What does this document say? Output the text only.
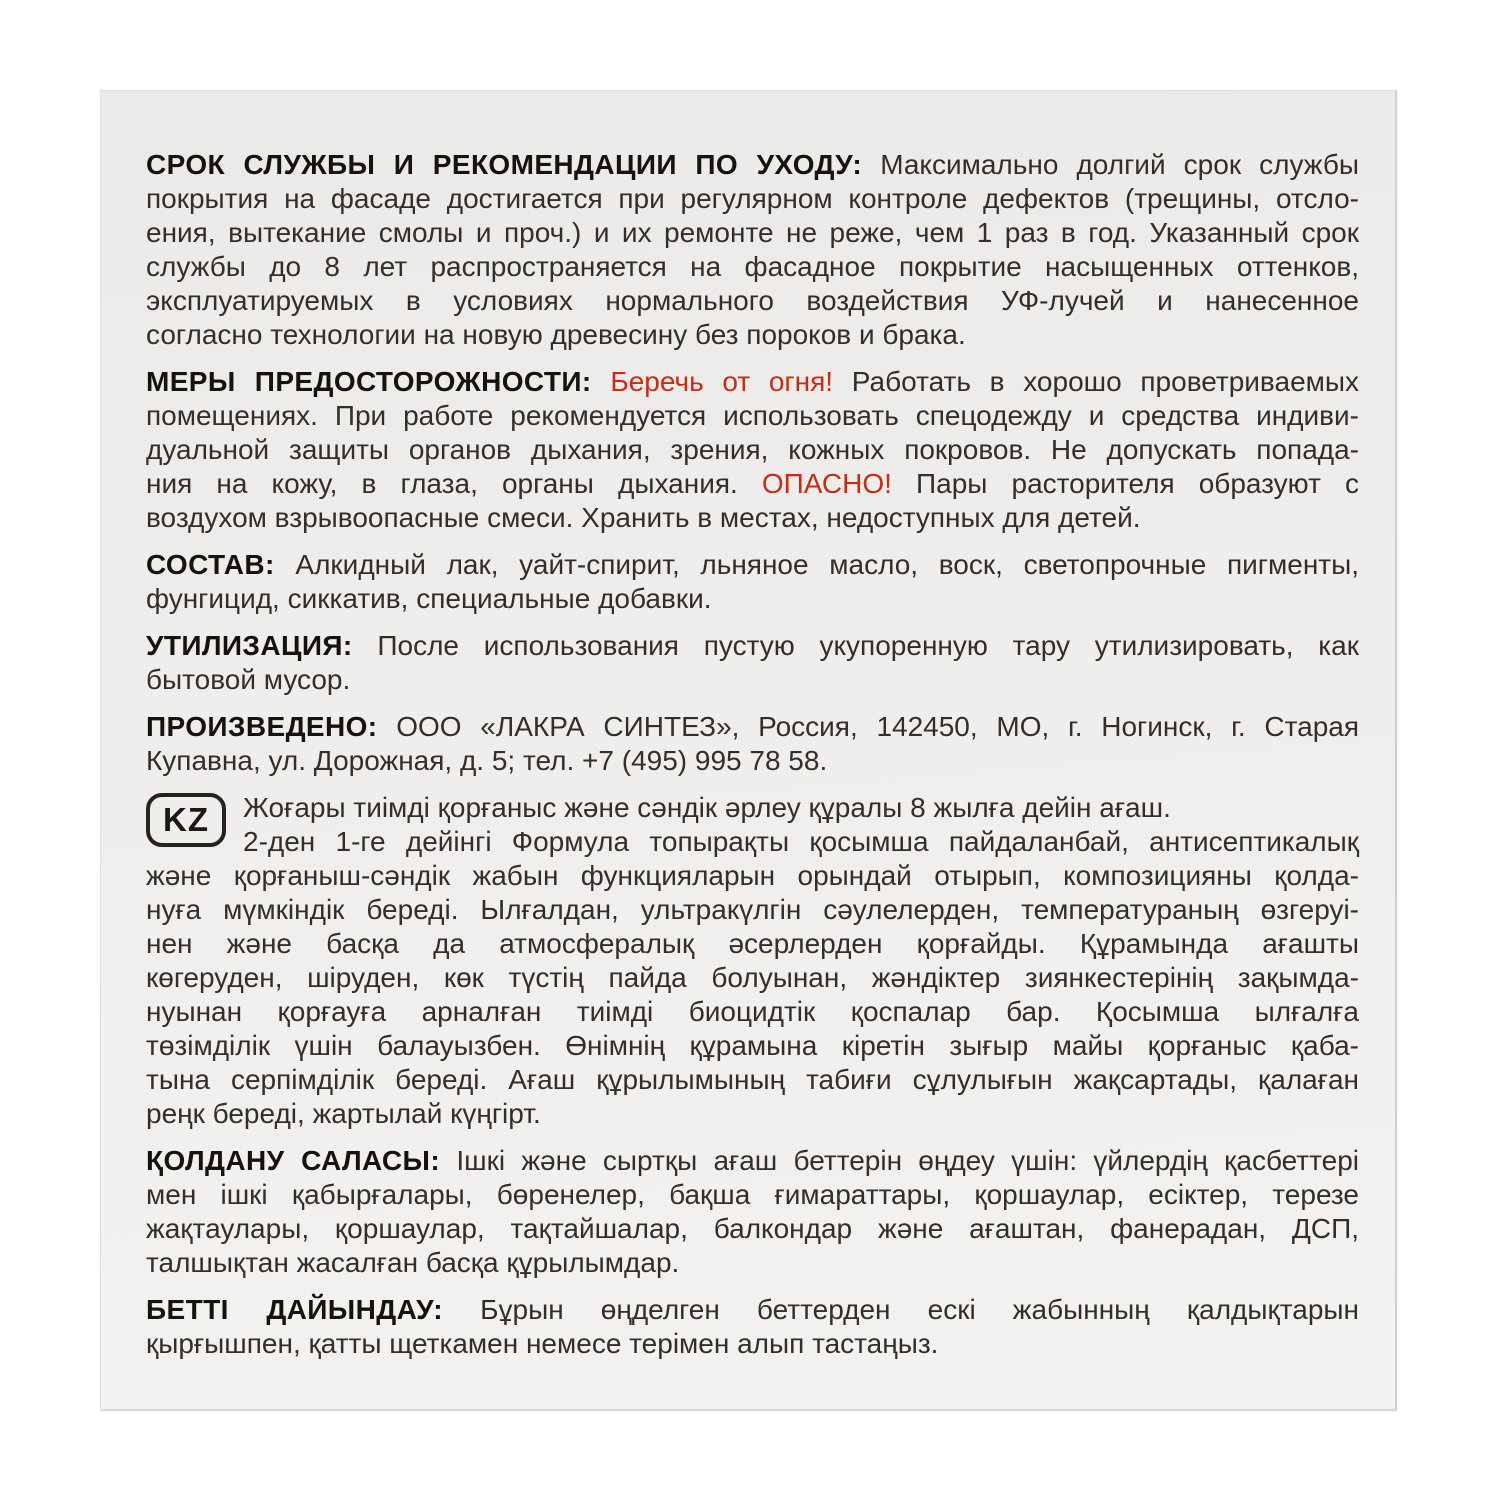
СРОК СЛУЖБЫ И РЕКОМЕНДАЦИИ ПО УХОДУ: Максимально долгий срок службы
покрытия на фасаде достигается при регулярном контроле дефектов (трещины, отсло-
ения, вытекание смолы и проч.) и их ремонте не реже, чем 1 раз в год. Указанный срок
службы до 8 лет распространяется на фасадное покрытие насыщенных оттенков,
эксплуатируемых в условиях нормального воздействия УФ-лучей и нанесенное
согласно технологии на новую древесину без пороков и брака.
МЕРЫ ПРЕДОСТОРОЖНОСТИ: Беречь от огня! Работать в хорошо проветриваемых
помещениях. При работе рекомендуется использовать спецодежду и средства индиви-
дуальной защиты органов дыхания, зрения, кожных покровов. Не допускать попада-
ния на кожу, в глаза, органы дыхания. ОПАСНО! Пары расторителя образуют с
воздухом взрывоопасные смеси. Хранить в местах, недоступных для детей.
СОСТАВ: Алкидный лак, уайт-спирит, льняное масло, воск, светопрочные пигменты,
фунгицид, сиккатив, специальные добавки.
УТИЛИЗАЦИЯ: После использования пустую укупоренную тару утилизировать, как
бытовой мусор.
ПРОИЗВЕДЕНО: ООО «ЛАКРА СИНТЕЗ», Россия, 142450, МО, г. Ногинск, г. Старая
Купавна, ул. Дорожная, д. 5; тел. +7 (495) 995 78 58.
KZ	Жоғары тиімді қорғаныс және сәндік әрлеу құралы 8 жылға дейін ағаш.
2-ден 1-ге дейінгі Формула топырақты қосымша пайдаланбай, антисептикалық
және қорғаныш-сәндік жабын функцияларын орындай отырып, композицияны қолда-
нуға мүмкіндік береді. Ылғалдан, ультракүлгін сәулелерден, температураның өзгеруі-
нен және басқа да атмосфералық әсерлерден қорғайды. Құрамында ағашты
көгеруден, шіруден, көк түстің пайда болуынан, жәндіктер зиянкестерінің зақымда-
нуынан қорғауға арналған тиімді биоцидтік қоспалар бар. Қосымша ылғалға
төзімділік үшін балауызбен. Өнімнің құрамына кіретін зығыр майы қорғаныс қаба-
тына серпімділік береді. Ағаш құрылымының табиғи сұлулығын жақсартады, қалаған
реңк береді, жартылай күңгірт.
ҚОЛДАНУ САЛАСЫ: Ішкі және сыртқы ағаш беттерін өңдеу үшін: үйлердің қасбеттері
мен ішкі қабырғалары, бөренелер, бақша ғимараттары, қоршаулар, есіктер, терезе
жақтаулары, қоршаулар, тақтайшалар, балкондар және ағаштан, фанерадан, ДСП,
талшықтан жасалған басқа құрылымдар.
БЕТТІ ДАЙЫНДАУ: Бұрын өңделген беттерден ескі жабынның қалдықтарын
қырғышпен, қатты щеткамен немесе терімен алып тастаңыз.
